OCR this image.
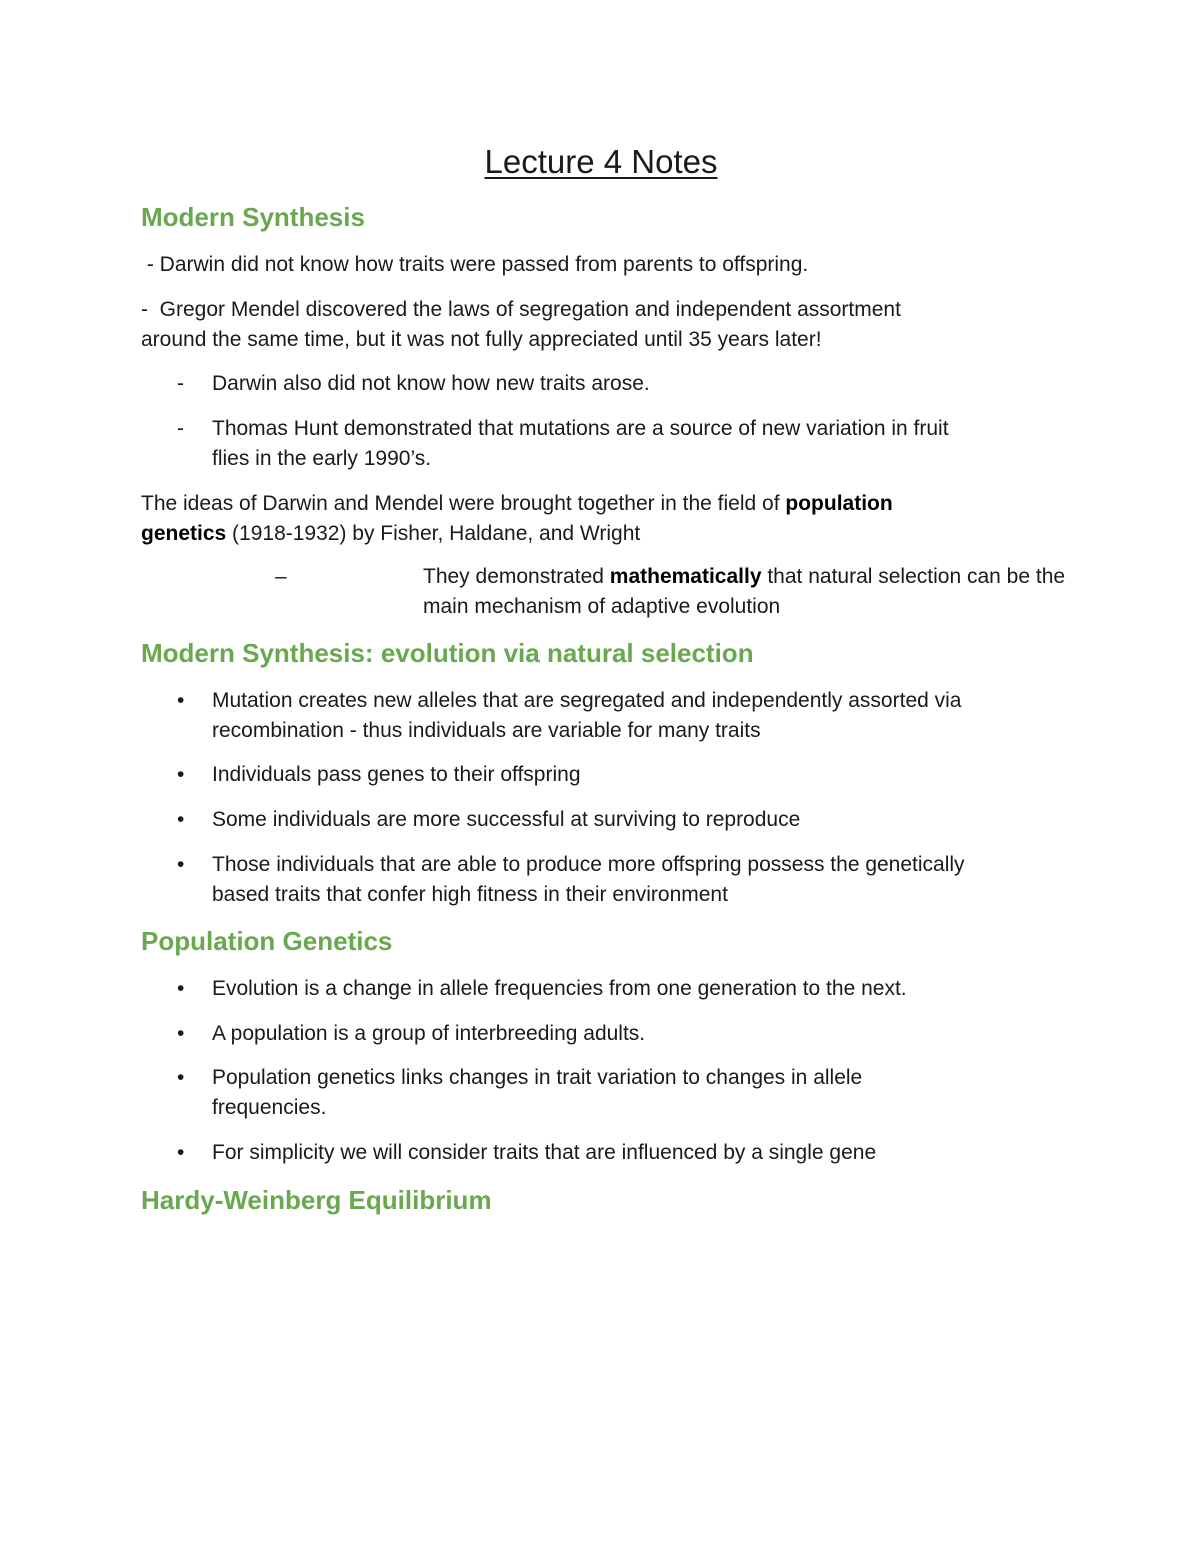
Lecture 4 Notes
Modern Synthesis

- Darwin did not know how traits were passed from parents to offspring.

-  Gregor Mendel discovered the laws of segregation and independent assortment

around the same time, but it was not fully appreciated until 35 years later!

- Darwin also did not know how new traits arose.
- Thomas Hunt demonstrated that mutations are a source of new variation in fruit
flies in the early 1990’s.

The ideas of Darwin and Mendel were brought together in the field of population
genetics (1918-1932) by Fisher, Haldane, and Wright

–	They demonstrated mathematically that natural selection can be the
main mechanism of adaptive evolution

Modern Synthesis: evolution via natural selection
• Mutation creates new alleles that are segregated and independently assorted via
recombination - thus individuals are variable for many traits
• Individuals pass genes to their offspring
• Some individuals are more successful at surviving to reproduce
• Those individuals that are able to produce more offspring possess the genetically
based traits that confer high fitness in their environment
Population Genetics
• Evolution is a change in allele frequencies from one generation to the next.
• A population is a group of interbreeding adults.
• Population genetics links changes in trait variation to changes in allele
frequencies.
• For simplicity we will consider traits that are influenced by a single gene
Hardy-Weinberg Equilibrium
